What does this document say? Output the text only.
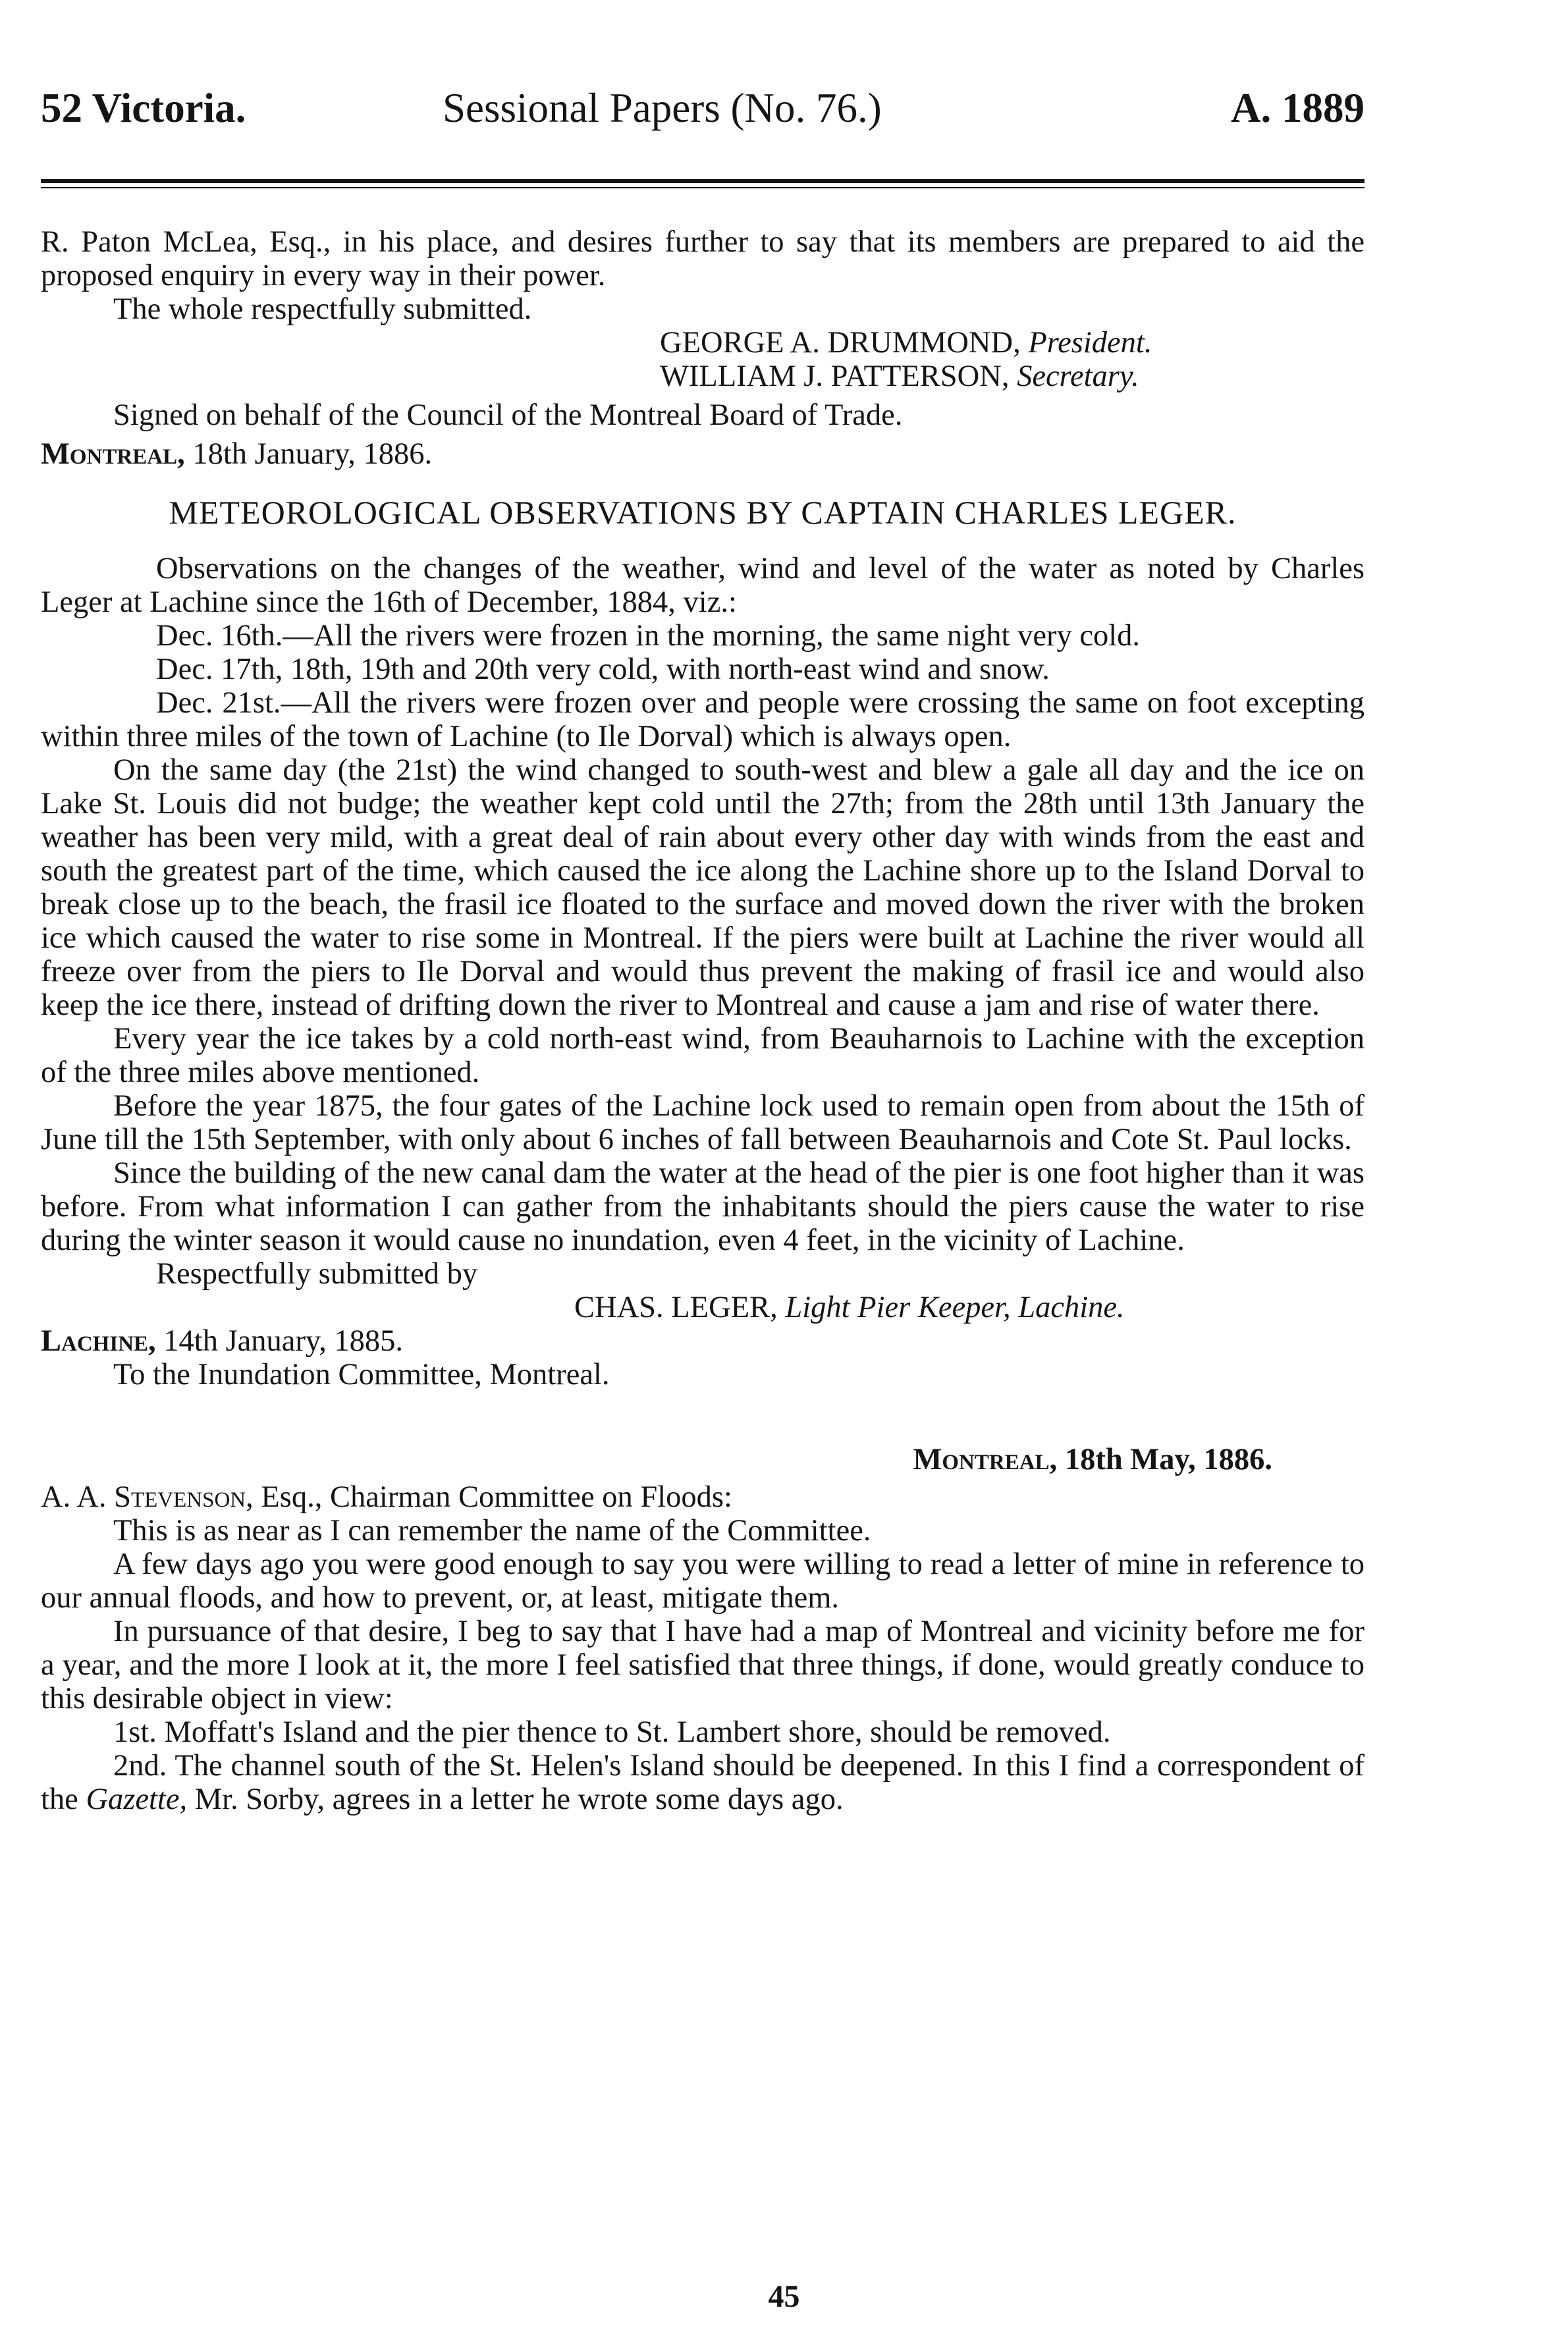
52 Victoria.	Sessional Papers (No. 76.)	A. 1889

R. Paton McLea, Esq., in his place, and desires further to say that its members are prepared to aid the proposed enquiry in every way in their power.

The whole respectfully submitted.

GEORGE A. DRUMMOND, President.

WILLIAM J. PATTERSON, Secretary.

Signed on behalf of the Council of the Montreal Board of Trade.

Montreal, 18th January, 1886.

METEOROLOGICAL OBSERVATIONS BY CAPTAIN CHARLES LEGER.

Observations on the changes of the weather, wind and level of the water as noted by Charles Leger at Lachine since the 16th of December, 1884, viz.:

Dec. 16th.—All the rivers were frozen in the morning, the same night very cold.

Dec. 17th, 18th, 19th and 20th very cold, with north-east wind and snow.

Dec. 21st.—All the rivers were frozen over and people were crossing the same on foot excepting within three miles of the town of Lachine (to Ile Dorval) which is always open.

On the same day (the 21st) the wind changed to south-west and blew a gale all day and the ice on Lake St. Louis did not budge; the weather kept cold until the 27th; from the 28th until 13th January the weather has been very mild, with a great deal of rain about every other day with winds from the east and south the greatest part of the time, which caused the ice along the Lachine shore up to the Island Dorval to break close up to the beach, the frasil ice floated to the surface and moved down the river with the broken ice which caused the water to rise some in Montreal. If the piers were built at Lachine the river would all freeze over from the piers to Ile Dorval and would thus prevent the making of frasil ice and would also keep the ice there, instead of drifting down the river to Montreal and cause a jam and rise of water there.

Every year the ice takes by a cold north-east wind, from Beauharnois to Lachine with the exception of the three miles above mentioned.

Before the year 1875, the four gates of the Lachine lock used to remain open from about the 15th of June till the 15th September, with only about 6 inches of fall between Beauharnois and Cote St. Paul locks.

Since the building of the new canal dam the water at the head of the pier is one foot higher than it was before. From what information I can gather from the inhabitants should the piers cause the water to rise during the winter season it would cause no inundation, even 4 feet, in the vicinity of Lachine.

Respectfully submitted by

CHAS. LEGER, Light Pier Keeper, Lachine.

Lachine, 14th January, 1885.

To the Inundation Committee, Montreal.

Montreal, 18th May, 1886.

A. A. Stevenson, Esq., Chairman Committee on Floods:

This is as near as I can remember the name of the Committee.

A few days ago you were good enough to say you were willing to read a letter of mine in reference to our annual floods, and how to prevent, or, at least, mitigate them.

In pursuance of that desire, I beg to say that I have had a map of Montreal and vicinity before me for a year, and the more I look at it, the more I feel satisfied that three things, if done, would greatly conduce to this desirable object in view:

1st. Moffatt's Island and the pier thence to St. Lambert shore, should be removed.

2nd. The channel south of the St. Helen's Island should be deepened. In this I find a correspondent of the Gazette, Mr. Sorby, agrees in a letter he wrote some days ago.

45
